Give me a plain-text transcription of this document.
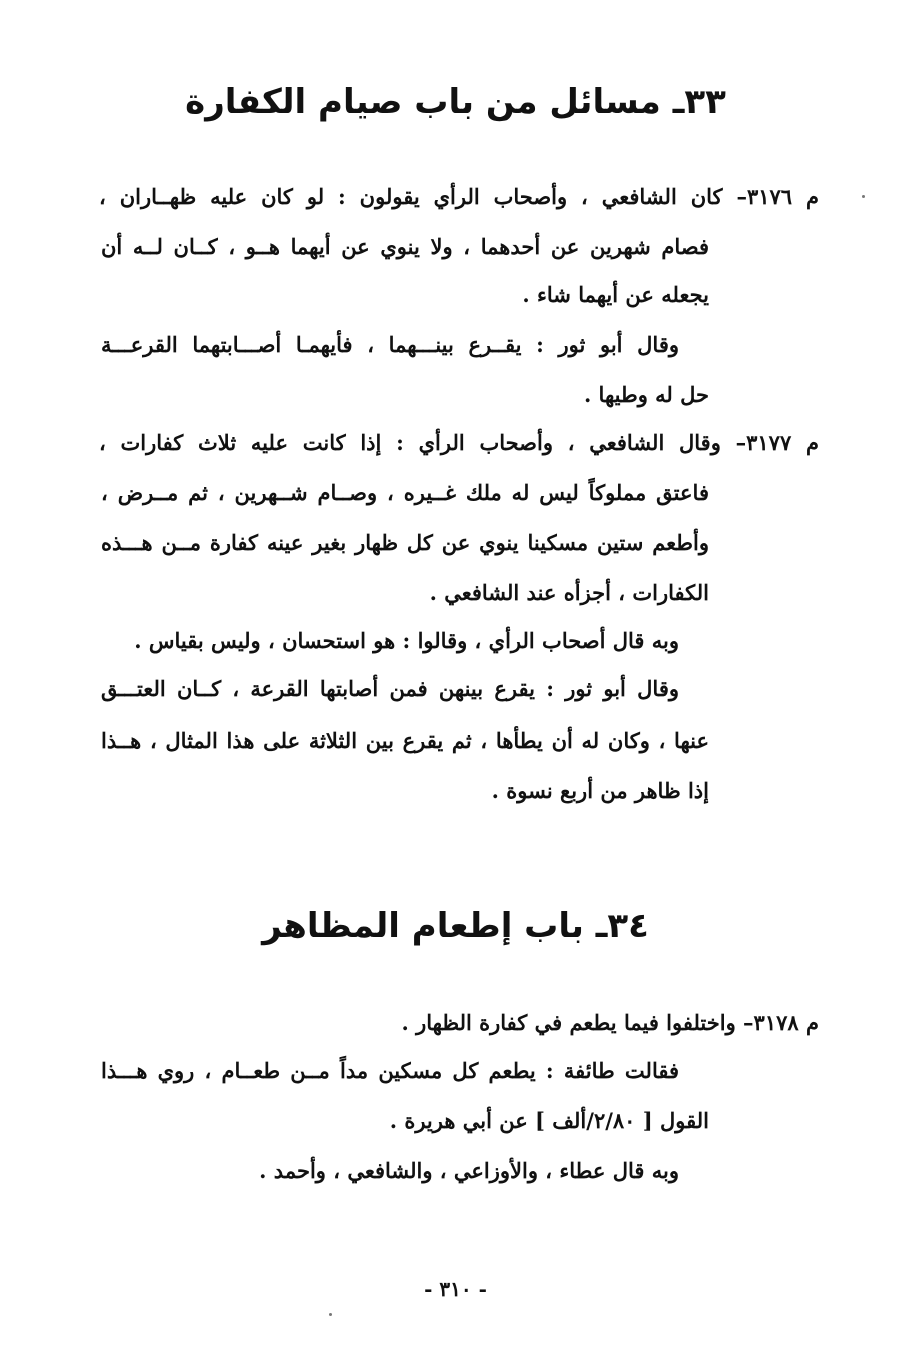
٣٣ـ مسائل من باب صيام الكفارة
م ٣١٧٦– كان الشافعي ، وأصحاب الرأي يقولون : لو كان عليه ظهــاران ،
فصام شهرين عن أحدهما ، ولا ينوي عن أيهما هــو ، كــان لــه أن
يجعله عن أيهما شاء .
وقال أبو ثور : يقــرع بينـــهما ، فأيهمـا أصـــابتهما القرعـــة
حل له وطيها .
م ٣١٧٧– وقال الشافعي ، وأصحاب الرأي : إذا كانت عليه ثلاث كفارات ،
فاعتق مملوكاً ليس له ملك غــيره ، وصــام شــهرين ، ثم مــرض ،
وأطعم ستين مسكينا ينوي عن كل ظهار بغير عينه كفارة مــن هـــذه
الكفارات ، أجزأه عند الشافعي .
وبه قال أصحاب الرأي ، وقالوا : هو استحسان ، وليس بقياس .
وقال أبو ثور : يقرع بينهن فمن أصابتها القرعة ، كــان العتـــق
عنها ، وكان له أن يطأها ، ثم يقرع بين الثلاثة على هذا المثال ، هــذا
إذا ظاهر من أربع نسوة .
٣٤ـ باب إطعام المظاهر
م ٣١٧٨– واختلفوا فيما يطعم في كفارة الظهار .
فقالت طائفة : يطعم كل مسكين مداً مــن طعــام ، روي هـــذا
القول [ ٢/٨٠/ألف ] عن أبي هريرة .
وبه قال عطاء ، والأوزاعي ، والشافعي ، وأحمد .
- ٣١٠ -
